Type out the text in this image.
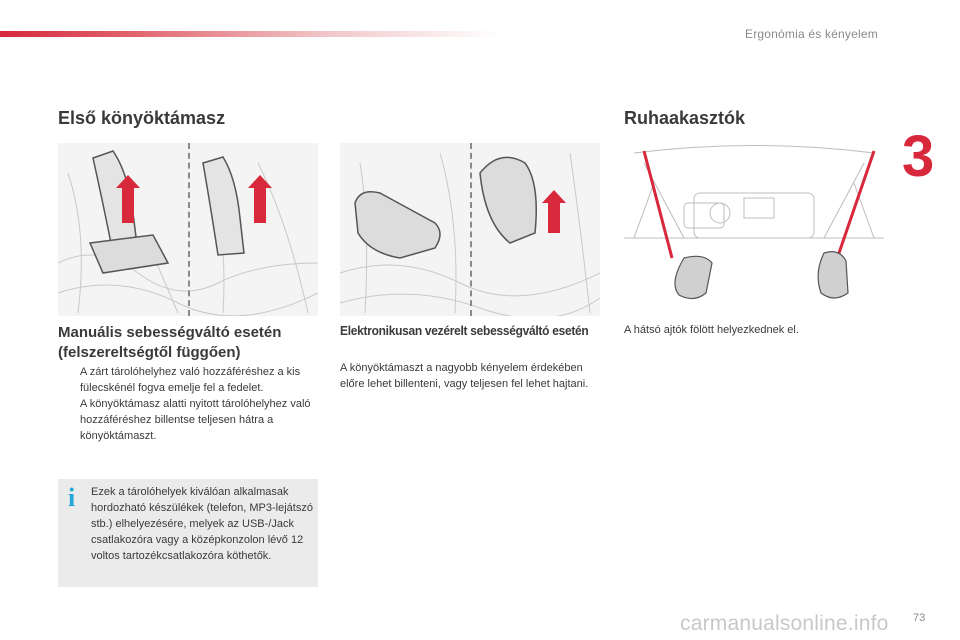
Ergonómia és kényelem
3
Első könyöktámasz	Ruhaakasztók
Manuális sebességváltó esetén (felszereltségtől függően)
A zárt tárolóhelyhez való hozzáféréshez a kis fülecskénél fogva emelje fel a fedelet.
A könyöktámasz alatti nyitott tárolóhelyhez való hozzáféréshez billentse teljesen hátra a könyöktámaszt.
i Ezek a tárolóhelyek kiválóan alkalmasak hordozható készülékek (telefon, MP3-lejátszó stb.) elhelyezésére, melyek az USB-/Jack csatlakozóra vagy a középkonzolon lévő 12 voltos tartozékcsatlakozóra köthetők.
Elektronikusan vezérelt sebességváltó esetén
A könyöktámaszt a nagyobb kényelem érdekében előre lehet billenteni, vagy teljesen fel lehet hajtani.
A hátsó ajtók fölött helyezkednek el.
carmanualsonline.info 73
